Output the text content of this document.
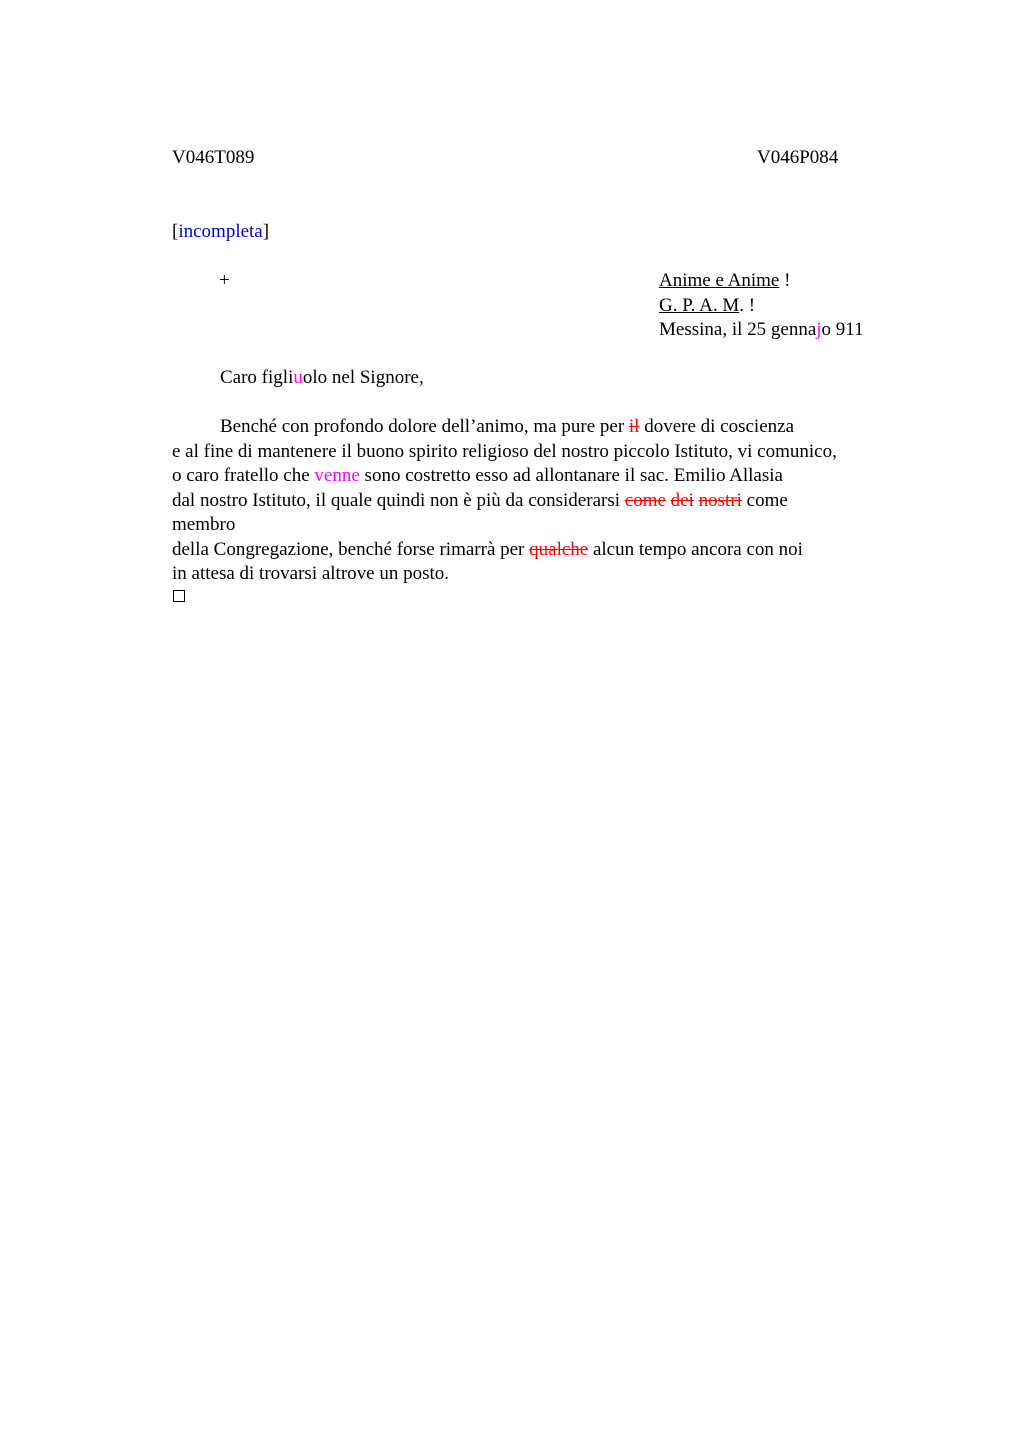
V046T089	V046P084
[incompleta]
+	Anime e Anime !
G. P. A. M. !
Messina, il 25 gennajo 911
Caro figliuolo nel Signore,
Benché con profondo dolore dell’animo, ma pure per il dovere di coscienza
e al fine di mantenere il buono spirito religioso del nostro piccolo Istituto, vi comunico,
o caro fratello che venne sono costretto esso ad allontanare il sac. Emilio Allasia
dal nostro Istituto, il quale quindi non è più da considerarsi come dei nostri come
membro
della Congregazione, benché forse rimarrà per qualche alcun tempo ancora con noi
in attesa di trovarsi altrove un posto.
